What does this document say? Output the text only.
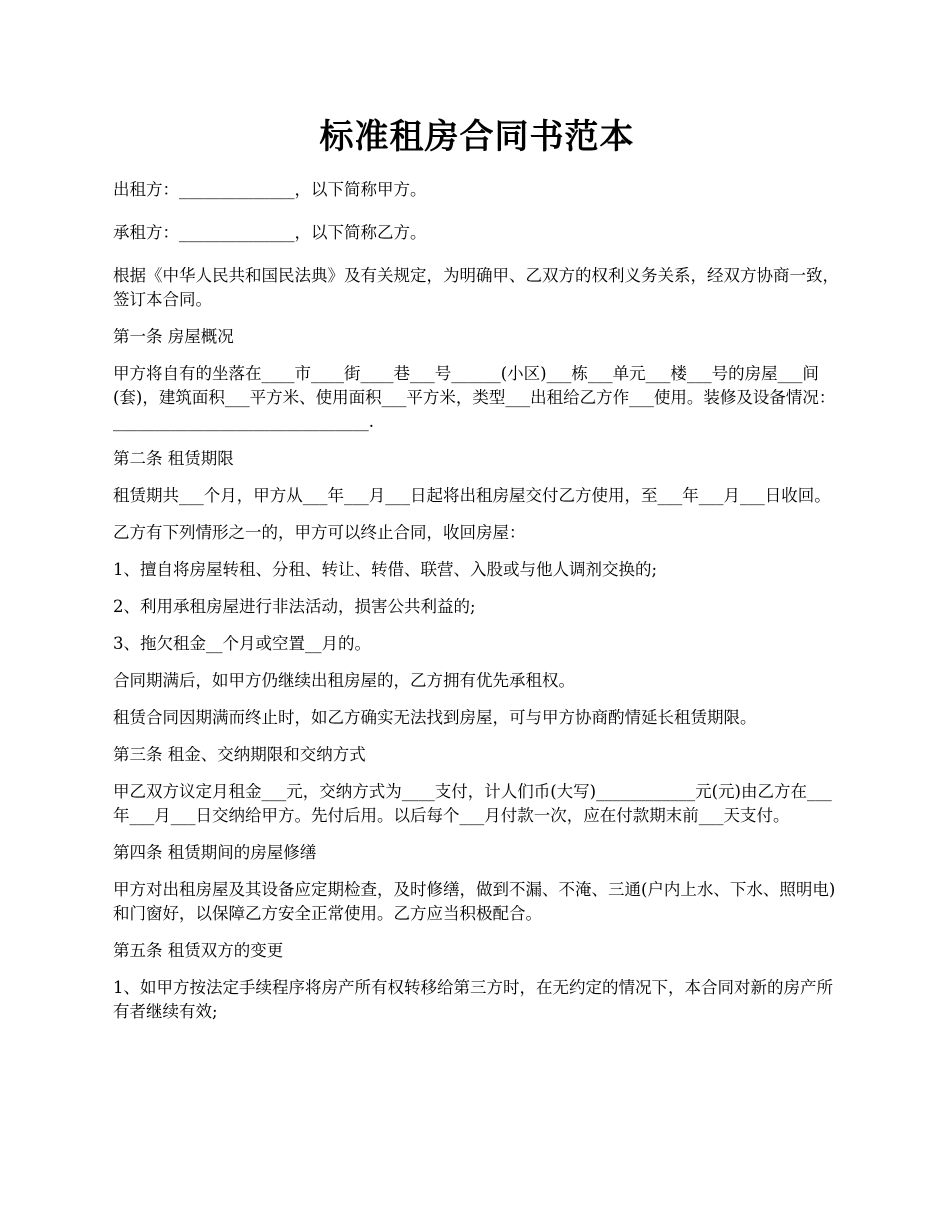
标准租房合同书范本

出租方：______________，以下简称甲方。

承租方：______________，以下简称乙方。

根据《中华人民共和国民法典》及有关规定，为明确甲、乙双方的权利义务关系，经双方协商一致，签订本合同。

第一条 房屋概况

甲方将自有的坐落在____市____街____巷___号______(小区)___栋___单元___楼___号的房屋___间(套)，建筑面积___平方米、使用面积___平方米，类型___出租给乙方作___使用。装修及设备情况：_______________________________.

第二条 租赁期限

租赁期共___个月，甲方从___年___月___日起将出租房屋交付乙方使用，至___年___月___日收回。

乙方有下列情形之一的，甲方可以终止合同，收回房屋：

1、擅自将房屋转租、分租、转让、转借、联营、入股或与他人调剂交换的;

2、利用承租房屋进行非法活动，损害公共利益的;

3、拖欠租金__个月或空置__月的。

合同期满后，如甲方仍继续出租房屋的，乙方拥有优先承租权。

租赁合同因期满而终止时，如乙方确实无法找到房屋，可与甲方协商酌情延长租赁期限。

第三条 租金、交纳期限和交纳方式

甲乙双方议定月租金___元，交纳方式为____支付，计人们币(大写)____________元(元)由乙方在___年___月___日交纳给甲方。先付后用。以后每个___月付款一次，应在付款期末前___天支付。

第四条 租赁期间的房屋修缮

甲方对出租房屋及其设备应定期检查，及时修缮，做到不漏、不淹、三通(户内上水、下水、照明电)和门窗好，以保障乙方安全正常使用。乙方应当积极配合。

第五条 租赁双方的变更

1、如甲方按法定手续程序将房产所有权转移给第三方时，在无约定的情况下，本合同对新的房产所有者继续有效;
